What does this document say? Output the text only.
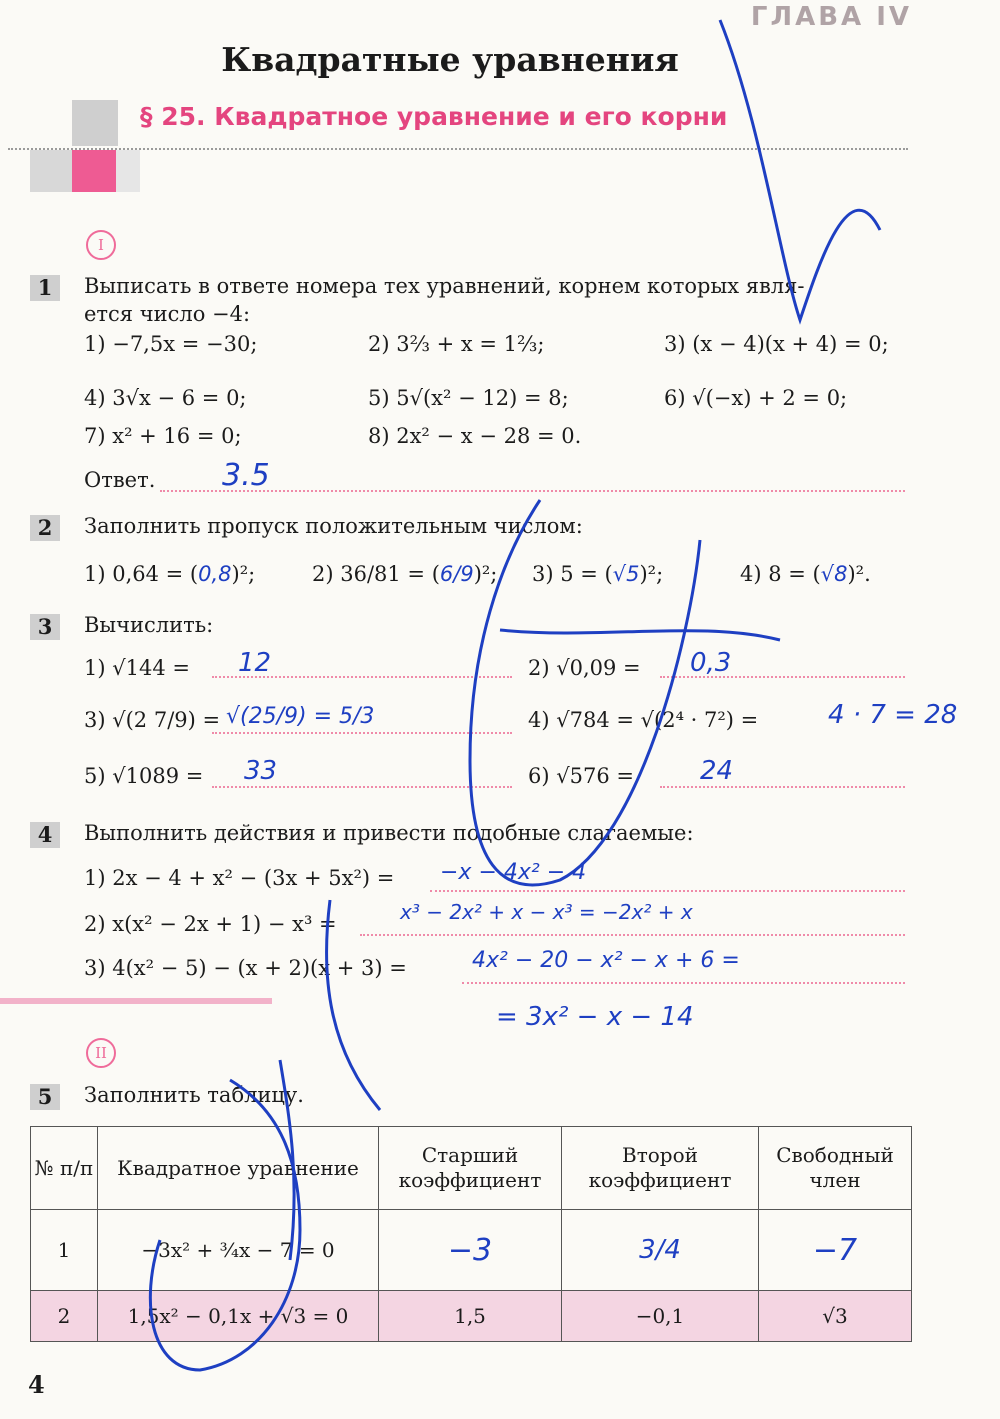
ГЛАВА IV
Квадратные уравнения
§ 25. Квадратное уравнение и его корни
I
1	Выписать в ответе номера тех уравнений, корнем которых явля-
ется число −4:
1) −7,5x = −30;	2) 3⅔ + x = 1⅔;	3) (x − 4)(x + 4) = 0;
4) 3√x − 6 = 0;	5) 5√(x² − 12) = 8;	6) √(−x) + 2 = 0;
7) x² + 16 = 0;	8) 2x² − x − 28 = 0.
Ответ. 3.5
2	Заполнить пропуск положительным числом:
1) 0,64 = (0,8)²;	2) 36/81 = (6/9)²; 3) 5 = (√5)²;	4) 8 = (√8)².
3	Вычислить:
1) √144 = 12	2) √0,09 = 0,3
3) √(2 7/9) = √(25/9) = 5/3	4) √784 = √(2⁴ · 7²) =	4 · 7 = 28
5) √1089 = 33	6) √576 =	24
4	Выполнить действия и привести подобные слагаемые:
1) 2x − 4 + x² − (3x + 5x²) = −x − 4x² − 4
2) x(x² − 2x + 1) − x³ =	x³ − 2x² + x − x³ = −2x² + x
3) 4(x² − 5) − (x + 2)(x + 3) =	4x² − 20 − x² − x + 6 =
= 3x² − x − 14
II
5	Заполнить таблицу.
№ п/п	Квадратное уравнение	Старший коэффициент	Второй коэффициент	Свободный член
1	−3x² + ¾x − 7 = 0	−3	3/4	−7
2	1,5x² − 0,1x + √3 = 0	1,5	−0,1	√3
4
